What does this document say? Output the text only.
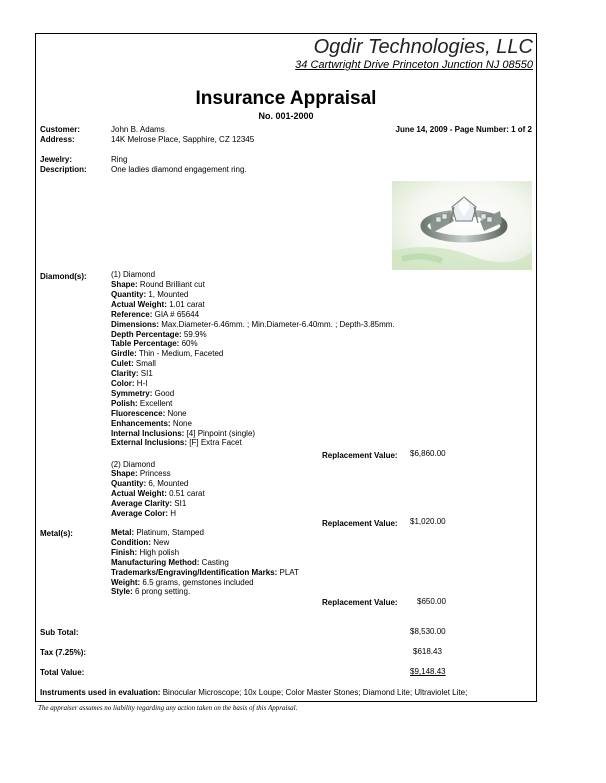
Ogdir Technologies, LLC
34 Cartwright Drive Princeton Junction NJ 08550
Insurance Appraisal
No. 001-2000
Customer:	John B. Adams	June 14, 2009 - Page Number: 1 of 2
Address:	14K Melrose Place, Sapphire, CZ 12345
Jewelry:	Ring
Description:	One ladies diamond engagement ring.
Diamond(s):	(1) Diamond
Shape: Round Brilliant cut
Quantity: 1, Mounted
Actual Weight: 1.01 carat
Reference: GIA # 65644
Dimensions: Max.Diameter-6.46mm. ; Min.Diameter-6.40mm. ; Depth-3.85mm.
Depth Percentage: 59.9%
Table Percentage: 60%
Girdle: Thin - Medium, Faceted
Culet: Small
Clarity: SI1
Color: H-I
Symmetry: Good
Polish: Excellent
Fluorescence: None
Enhancements: None
Internal Inclusions: [4] Pinpoint (single)
External Inclusions: [F] Extra Facet
Replacement Value: $6,860.00
(2) Diamond
Shape: Princess
Quantity: 6, Mounted
Actual Weight: 0.51 carat
Average Clarity: SI1
Average Color: H
Replacement Value: $1,020.00
Metal(s):	Metal: Platinum, Stamped
Condition: New
Finish: High polish
Manufacturing Method: Casting
Trademarks/Engraving/Identification Marks: PLAT
Weight: 6.5 grams, gemstones included
Style: 6 prong setting.
Replacement Value: $650.00
Sub Total:	$8,530.00
Tax (7.25%):	$618.43
Total Value:	$9,148.43
Instruments used in evaluation: Binocular Microscope; 10x Loupe; Color Master Stones; Diamond Lite; Ultraviolet Lite;
The appraiser assumes no liability regarding any action taken on the basis of this Appraisal.
